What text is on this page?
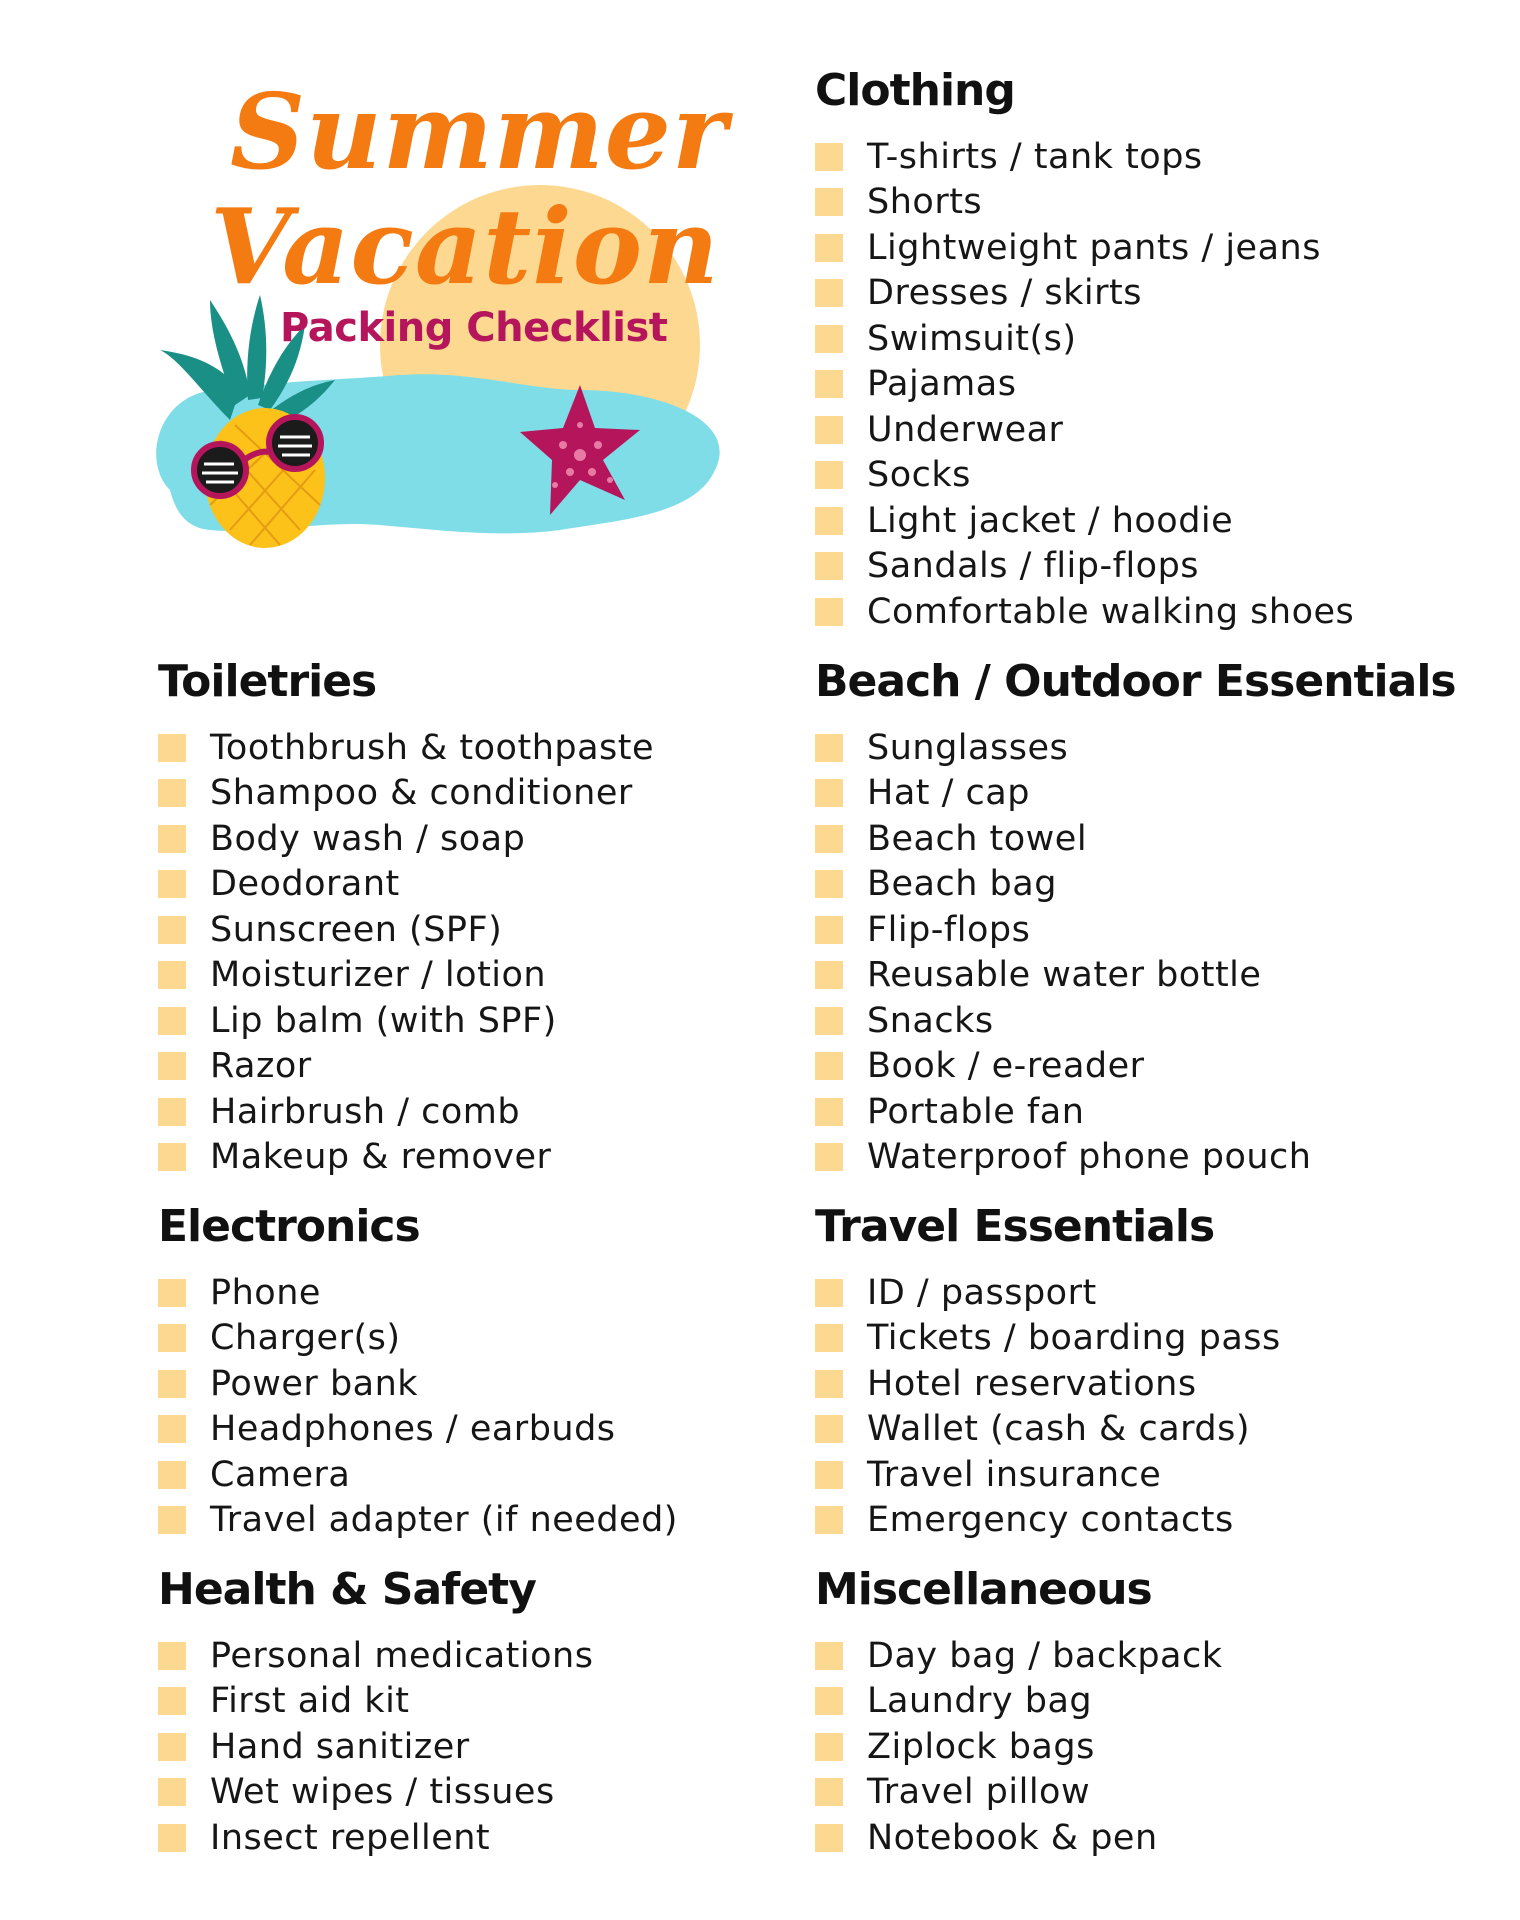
Summer
Vacation
Packing Checklist
Clothing
T-shirts / tank tops
Shorts
Lightweight pants / jeans
Dresses / skirts
Swimsuit(s)
Pajamas
Underwear
Socks
Light jacket / hoodie
Sandals / flip-flops
Comfortable walking shoes
Toiletries
Toothbrush & toothpaste
Shampoo & conditioner
Body wash / soap
Deodorant
Sunscreen (SPF)
Moisturizer / lotion
Lip balm (with SPF)
Razor
Hairbrush / comb
Makeup & remover
Beach / Outdoor Essentials
Sunglasses
Hat / cap
Beach towel
Beach bag
Flip-flops
Reusable water bottle
Snacks
Book / e-reader
Portable fan
Waterproof phone pouch
Electronics
Phone
Charger(s)
Power bank
Headphones / earbuds
Camera
Travel adapter (if needed)
Travel Essentials
ID / passport
Tickets / boarding pass
Hotel reservations
Wallet (cash & cards)
Travel insurance
Emergency contacts
Health & Safety
Personal medications
First aid kit
Hand sanitizer
Wet wipes / tissues
Insect repellent
Miscellaneous
Day bag / backpack
Laundry bag
Ziplock bags
Travel pillow
Notebook & pen
